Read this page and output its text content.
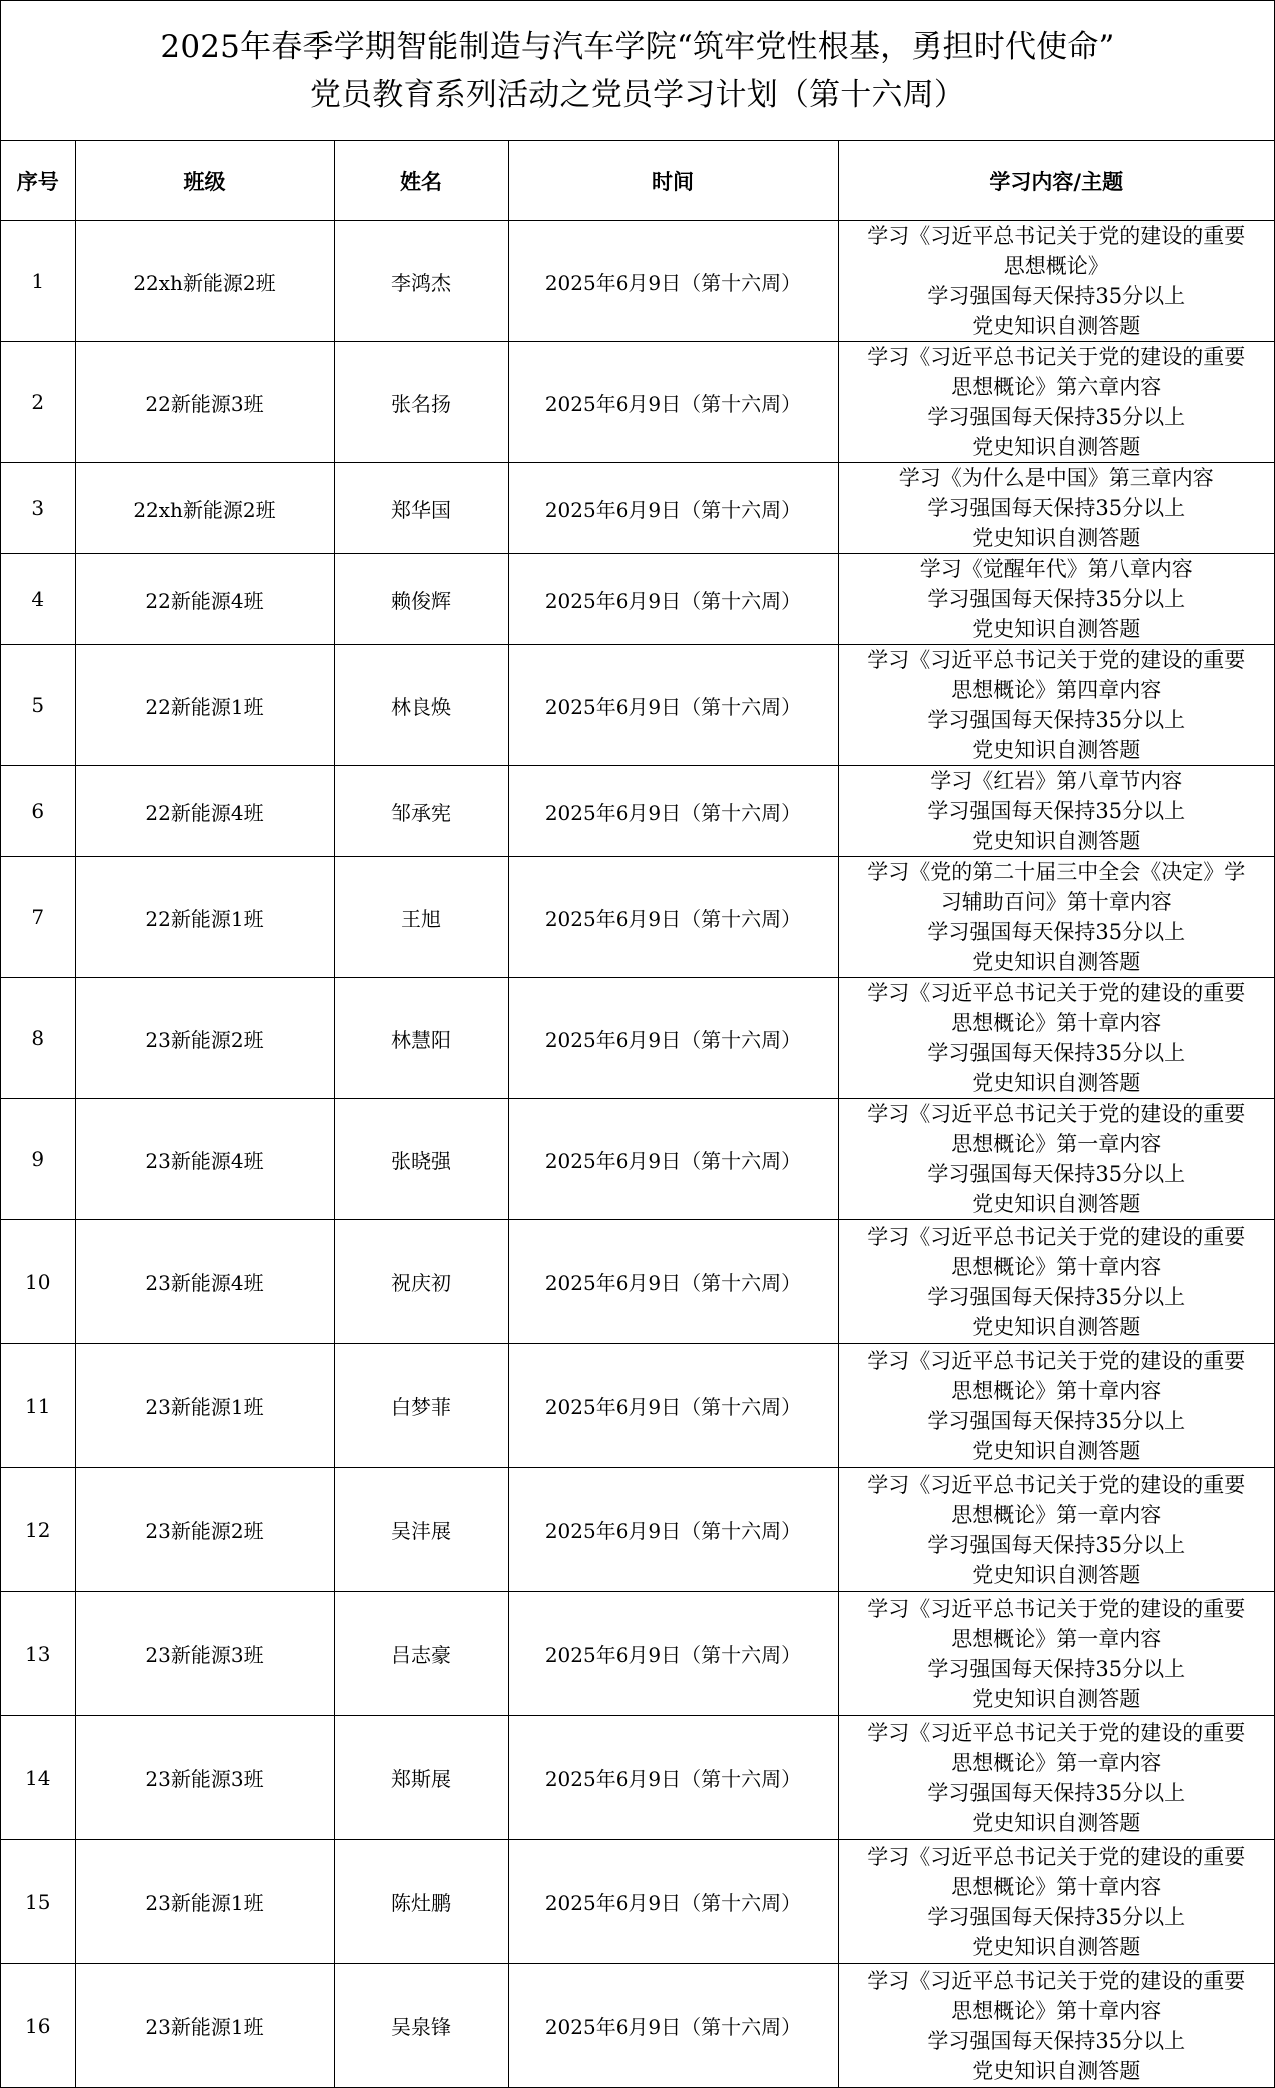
2025年春季学期智能制造与汽车学院“筑牢党性根基，勇担时代使命”
党员教育系列活动之党员学习计划（第十六周）
序号	班级	姓名	时间	学习内容/主题
1	22xh新能源2班	李鸿杰	2025年6月9日（第十六周）	学习《习近平总书记关于党的建设的重要
思想概论》
学习强国每天保持35分以上
党史知识自测答题

2	22新能源3班	张名扬	2025年6月9日（第十六周）	学习《习近平总书记关于党的建设的重要
思想概论》第六章内容
学习强国每天保持35分以上
党史知识自测答题

3	22xh新能源2班	郑华国	2025年6月9日（第十六周）	学习《为什么是中国》第三章内容
学习强国每天保持35分以上
党史知识自测答题

4	22新能源4班	赖俊辉	2025年6月9日（第十六周）	学习《觉醒年代》第八章内容
学习强国每天保持35分以上
党史知识自测答题

5	22新能源1班	林良焕	2025年6月9日（第十六周）	学习《习近平总书记关于党的建设的重要
思想概论》第四章内容
学习强国每天保持35分以上
党史知识自测答题

6	22新能源4班	邹承宪	2025年6月9日（第十六周）	学习《红岩》第八章节内容
学习强国每天保持35分以上
党史知识自测答题

7	22新能源1班	王旭	2025年6月9日（第十六周）	学习《党的第二十届三中全会《决定》学
习辅助百问》第十章内容
学习强国每天保持35分以上
党史知识自测答题

8	23新能源2班	林慧阳	2025年6月9日（第十六周）	学习《习近平总书记关于党的建设的重要
思想概论》第十章内容
学习强国每天保持35分以上
党史知识自测答题

9	23新能源4班	张晓强	2025年6月9日（第十六周）	学习《习近平总书记关于党的建设的重要
思想概论》第一章内容
学习强国每天保持35分以上
党史知识自测答题

10	23新能源4班	祝庆初	2025年6月9日（第十六周）	学习《习近平总书记关于党的建设的重要
思想概论》第十章内容
学习强国每天保持35分以上
党史知识自测答题

11	23新能源1班	白梦菲	2025年6月9日（第十六周）	学习《习近平总书记关于党的建设的重要
思想概论》第十章内容
学习强国每天保持35分以上
党史知识自测答题

12	23新能源2班	吴沣展	2025年6月9日（第十六周）	学习《习近平总书记关于党的建设的重要
思想概论》第一章内容
学习强国每天保持35分以上
党史知识自测答题

13	23新能源3班	吕志豪	2025年6月9日（第十六周）	学习《习近平总书记关于党的建设的重要
思想概论》第一章内容
学习强国每天保持35分以上
党史知识自测答题

14	23新能源3班	郑斯展	2025年6月9日（第十六周）	学习《习近平总书记关于党的建设的重要
思想概论》第一章内容
学习强国每天保持35分以上
党史知识自测答题

15	23新能源1班	陈灶鹏	2025年6月9日（第十六周）	学习《习近平总书记关于党的建设的重要
思想概论》第十章内容
学习强国每天保持35分以上
党史知识自测答题

16	23新能源1班	吴泉锋	2025年6月9日（第十六周）	学习《习近平总书记关于党的建设的重要
思想概论》第十章内容
学习强国每天保持35分以上
党史知识自测答题
